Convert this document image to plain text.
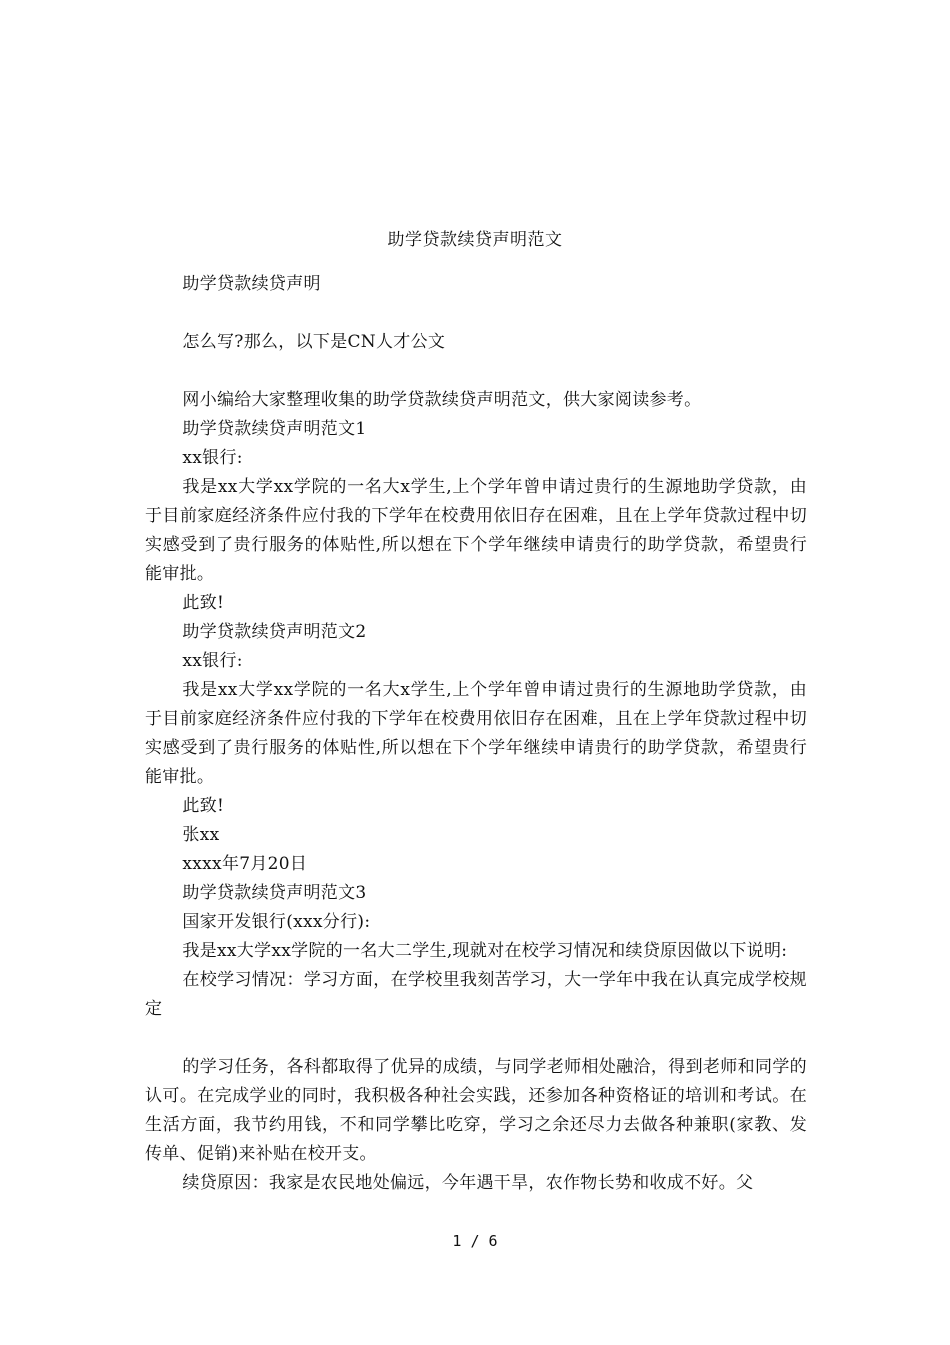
助学贷款续贷声明范文

助学贷款续贷声明

怎么写?那么，以下是CN人才公文

网小编给大家整理收集的助学贷款续贷声明范文，供大家阅读参考。

助学贷款续贷声明范文1

xx银行:

我是xx大学xx学院的一名大x学生,上个学年曾申请过贵行的生源地助学贷款，由于目前家庭经济条件应付我的下学年在校费用依旧存在困难，且在上学年贷款过程中切实感受到了贵行服务的体贴性,所以想在下个学年继续申请贵行的助学贷款，希望贵行能审批。

此致!

助学贷款续贷声明范文2

xx银行:

我是xx大学xx学院的一名大x学生,上个学年曾申请过贵行的生源地助学贷款，由于目前家庭经济条件应付我的下学年在校费用依旧存在困难，且在上学年贷款过程中切实感受到了贵行服务的体贴性,所以想在下个学年继续申请贵行的助学贷款，希望贵行能审批。

此致!

张xx

xxxx年7月20日

助学贷款续贷声明范文3

国家开发银行(xxx分行):

我是xx大学xx学院的一名大二学生,现就对在校学习情况和续贷原因做以下说明:

在校学习情况：学习方面，在学校里我刻苦学习，大一学年中我在认真完成学校规定

的学习任务，各科都取得了优异的成绩，与同学老师相处融洽，得到老师和同学的认可。在完成学业的同时，我积极各种社会实践，还参加各种资格证的培训和考试。在生活方面，我节约用钱，不和同学攀比吃穿，学习之余还尽力去做各种兼职(家教、发传单、促销)来补贴在校开支。

续贷原因：我家是农民地处偏远，今年遇干旱，农作物长势和收成不好。父

1 / 6
